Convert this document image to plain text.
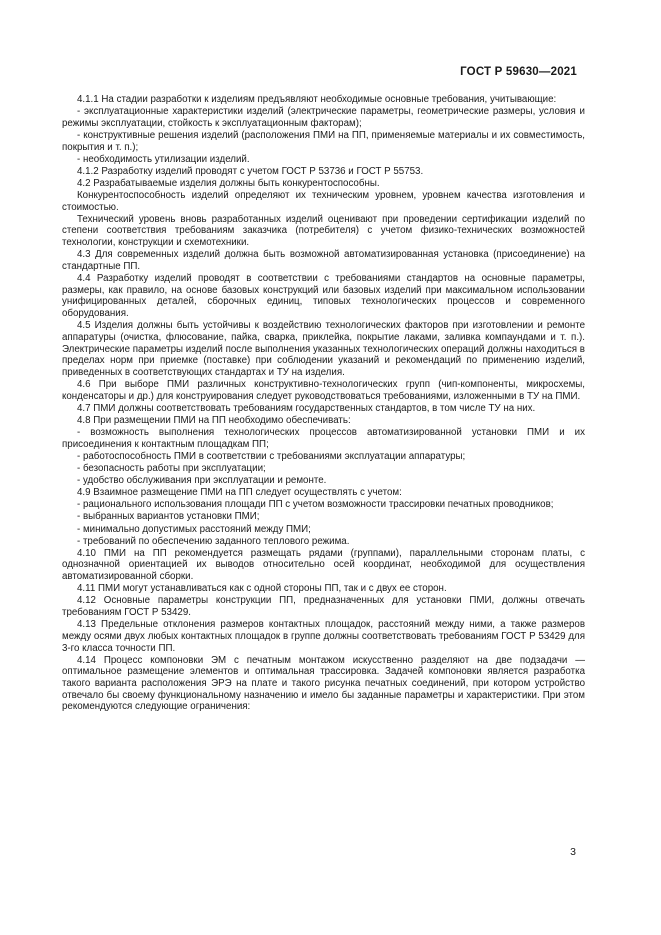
ГОСТ Р 59630—2021

4.1.1 На стадии разработки к изделиям предъявляют необходимые основные требования, учитывающие:

- эксплуатационные характеристики изделий (электрические параметры, геометрические размеры, условия и режимы эксплуатации, стойкость к эксплуатационным факторам);

- конструктивные решения изделий (расположения ПМИ на ПП, применяемые материалы и их совместимость, покрытия и т. п.);

- необходимость утилизации изделий.

4.1.2 Разработку изделий проводят с учетом ГОСТ Р 53736 и ГОСТ Р 55753.

4.2 Разрабатываемые изделия должны быть конкурентоспособны.

Конкурентоспособность изделий определяют их техническим уровнем, уровнем качества изготовления и стоимостью.

Технический уровень вновь разработанных изделий оценивают при проведении сертификации изделий по степени соответствия требованиям заказчика (потребителя) с учетом физико-технических возможностей технологии, конструкции и схемотехники.

4.3 Для современных изделий должна быть возможной автоматизированная установка (присоединение) на стандартные ПП.

4.4 Разработку изделий проводят в соответствии с требованиями стандартов на основные параметры, размеры, как правило, на основе базовых конструкций или базовых изделий при максимальном использовании унифицированных деталей, сборочных единиц, типовых технологических процессов и современного оборудования.

4.5 Изделия должны быть устойчивы к воздействию технологических факторов при изготовлении и ремонте аппаратуры (очистка, флюсование, пайка, сварка, приклейка, покрытие лаками, заливка компаундами и т. п.). Электрические параметры изделий после выполнения указанных технологических операций должны находиться в пределах норм при приемке (поставке) при соблюдении указаний и рекомендаций по применению изделий, приведенных в соответствующих стандартах и ТУ на изделия.

4.6 При выборе ПМИ различных конструктивно-технологических групп (чип-компоненты, микросхемы, конденсаторы и др.) для конструирования следует руководствоваться требованиями, изложенными в ТУ на ПМИ.

4.7 ПМИ должны соответствовать требованиям государственных стандартов, в том числе ТУ на них.

4.8 При размещении ПМИ на ПП необходимо обеспечивать:

- возможность выполнения технологических процессов автоматизированной установки ПМИ и их присоединения к контактным площадкам ПП;

- работоспособность ПМИ в соответствии с требованиями эксплуатации аппаратуры;

- безопасность работы при эксплуатации;

- удобство обслуживания при эксплуатации и ремонте.

4.9 Взаимное размещение ПМИ на ПП следует осуществлять с учетом:

- рационального использования площади ПП с учетом возможности трассировки печатных проводников;

- выбранных вариантов установки ПМИ;

- минимально допустимых расстояний между ПМИ;

- требований по обеспечению заданного теплового режима.

4.10 ПМИ на ПП рекомендуется размещать рядами (группами), параллельными сторонам платы, с однозначной ориентацией их выводов относительно осей координат, необходимой для осуществления автоматизированной сборки.

4.11 ПМИ могут устанавливаться как с одной стороны ПП, так и с двух ее сторон.

4.12 Основные параметры конструкции ПП, предназначенных для установки ПМИ, должны отвечать требованиям ГОСТ Р 53429.

4.13 Предельные отклонения размеров контактных площадок, расстояний между ними, а также размеров между осями двух любых контактных площадок в группе должны соответствовать требованиям ГОСТ Р 53429 для 3-го класса точности ПП.

4.14 Процесс компоновки ЭМ с печатным монтажом искусственно разделяют на две подзадачи — оптимальное размещение элементов и оптимальная трассировка. Задачей компоновки является разработка такого варианта расположения ЭРЭ на плате и такого рисунка печатных соединений, при котором устройство отвечало бы своему функциональному назначению и имело бы заданные параметры и характеристики. При этом рекомендуются следующие ограничения:

3
